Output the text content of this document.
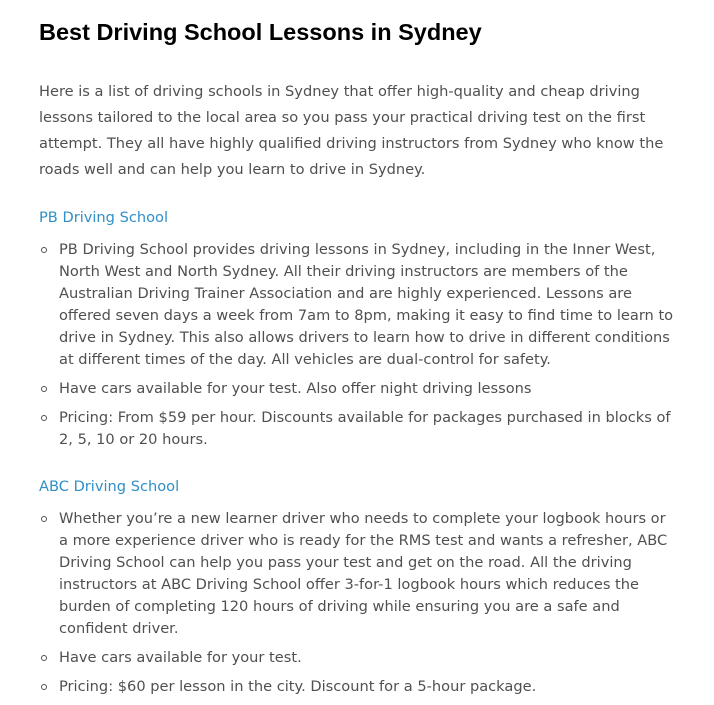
Best Driving School Lessons in Sydney

Here is a list of driving schools in Sydney that offer high-quality and cheap driving lessons tailored to the local area so you pass your practical driving test on the first attempt. They all have highly qualified driving instructors from Sydney who know the roads well and can help you learn to drive in Sydney.

PB Driving School
PB Driving School provides driving lessons in Sydney, including in the Inner West, North West and North Sydney. All their driving instructors are members of the Australian Driving Trainer Association and are highly experienced. Lessons are offered seven days a week from 7am to 8pm, making it easy to find time to learn to drive in Sydney. This also allows drivers to learn how to drive in different conditions at different times of the day. All vehicles are dual-control for safety.
Have cars available for your test. Also offer night driving lessons
Pricing: From $59 per hour. Discounts available for packages purchased in blocks of 2, 5, 10 or 20 hours.
ABC Driving School
Whether you’re a new learner driver who needs to complete your logbook hours or a more experience driver who is ready for the RMS test and wants a refresher, ABC Driving School can help you pass your test and get on the road. All the driving instructors at ABC Driving School offer 3-for-1 logbook hours which reduces the burden of completing 120 hours of driving while ensuring you are a safe and confident driver.
Have cars available for your test.
Pricing: $60 per lesson in the city. Discount for a 5-hour package.
